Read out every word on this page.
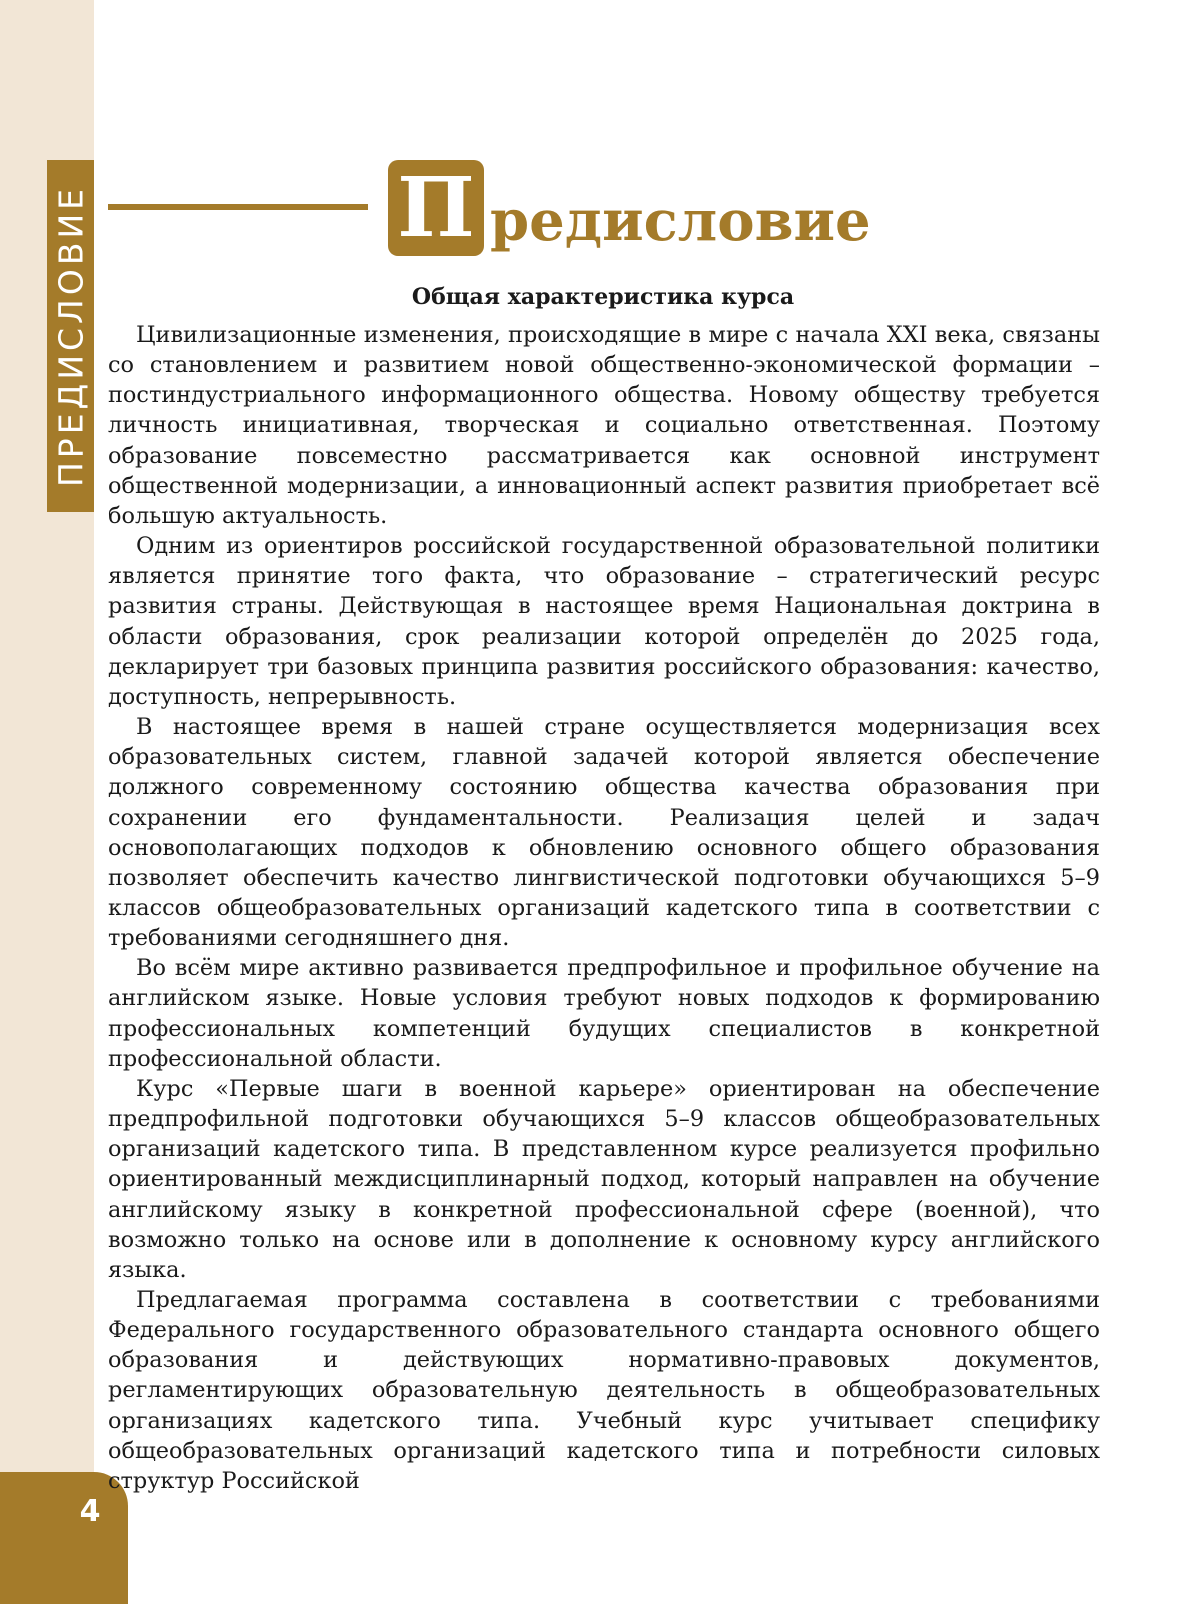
ПРЕДИСЛОВИЕ
4
П редисловие
Общая характеристика курса

Цивилизационные изменения, происходящие в мире с начала XXI века, связаны со становлением и развитием новой общественно-экономической формации – постиндустриального информационного общества. Новому обществу требуется личность инициативная, творческая и социально ответственная. Поэтому образование повсеместно рассматривается как основной инструмент общественной модернизации, а инновационный аспект развития приобретает всё большую актуальность.

Одним из ориентиров российской государственной образовательной политики является принятие того факта, что образование – стратегический ресурс развития страны. Действующая в настоящее время Национальная доктрина в области образования, срок реализации которой определён до 2025 года, декларирует три базовых принципа развития российского образования: качество, доступность, непрерывность.

В настоящее время в нашей стране осуществляется модернизация всех образовательных систем, главной задачей которой является обеспечение должного современному состоянию общества качества образования при сохранении его фундаментальности. Реализация целей и задач основополагающих подходов к обновлению основного общего образования позволяет обеспечить качество лингвистической подготовки обучающихся 5–9 классов общеобразовательных организаций кадетского типа в соответствии с требованиями сегодняшнего дня.

Во всём мире активно развивается предпрофильное и профильное обучение на английском языке. Новые условия требуют новых подходов к формированию профессиональных компетенций будущих специалистов в конкретной профессиональной области.

Курс «Первые шаги в военной карьере» ориентирован на обеспечение предпрофильной подготовки обучающихся 5–9 классов общеобразовательных организаций кадетского типа. В представленном курсе реализуется профильно ориентированный междисциплинарный подход, который направлен на обучение английскому языку в конкретной профессиональной сфере (военной), что возможно только на основе или в дополнение к основному курсу английского языка.

Предлагаемая программа составлена в соответствии с требованиями Федерального государственного образовательного стандарта основного общего образования и действующих нормативно-правовых документов, регламентирующих образовательную деятельность в общеобразовательных организациях кадетского типа. Учебный курс учитывает специфику общеобразовательных организаций кадетского типа и потребности силовых структур Российской
